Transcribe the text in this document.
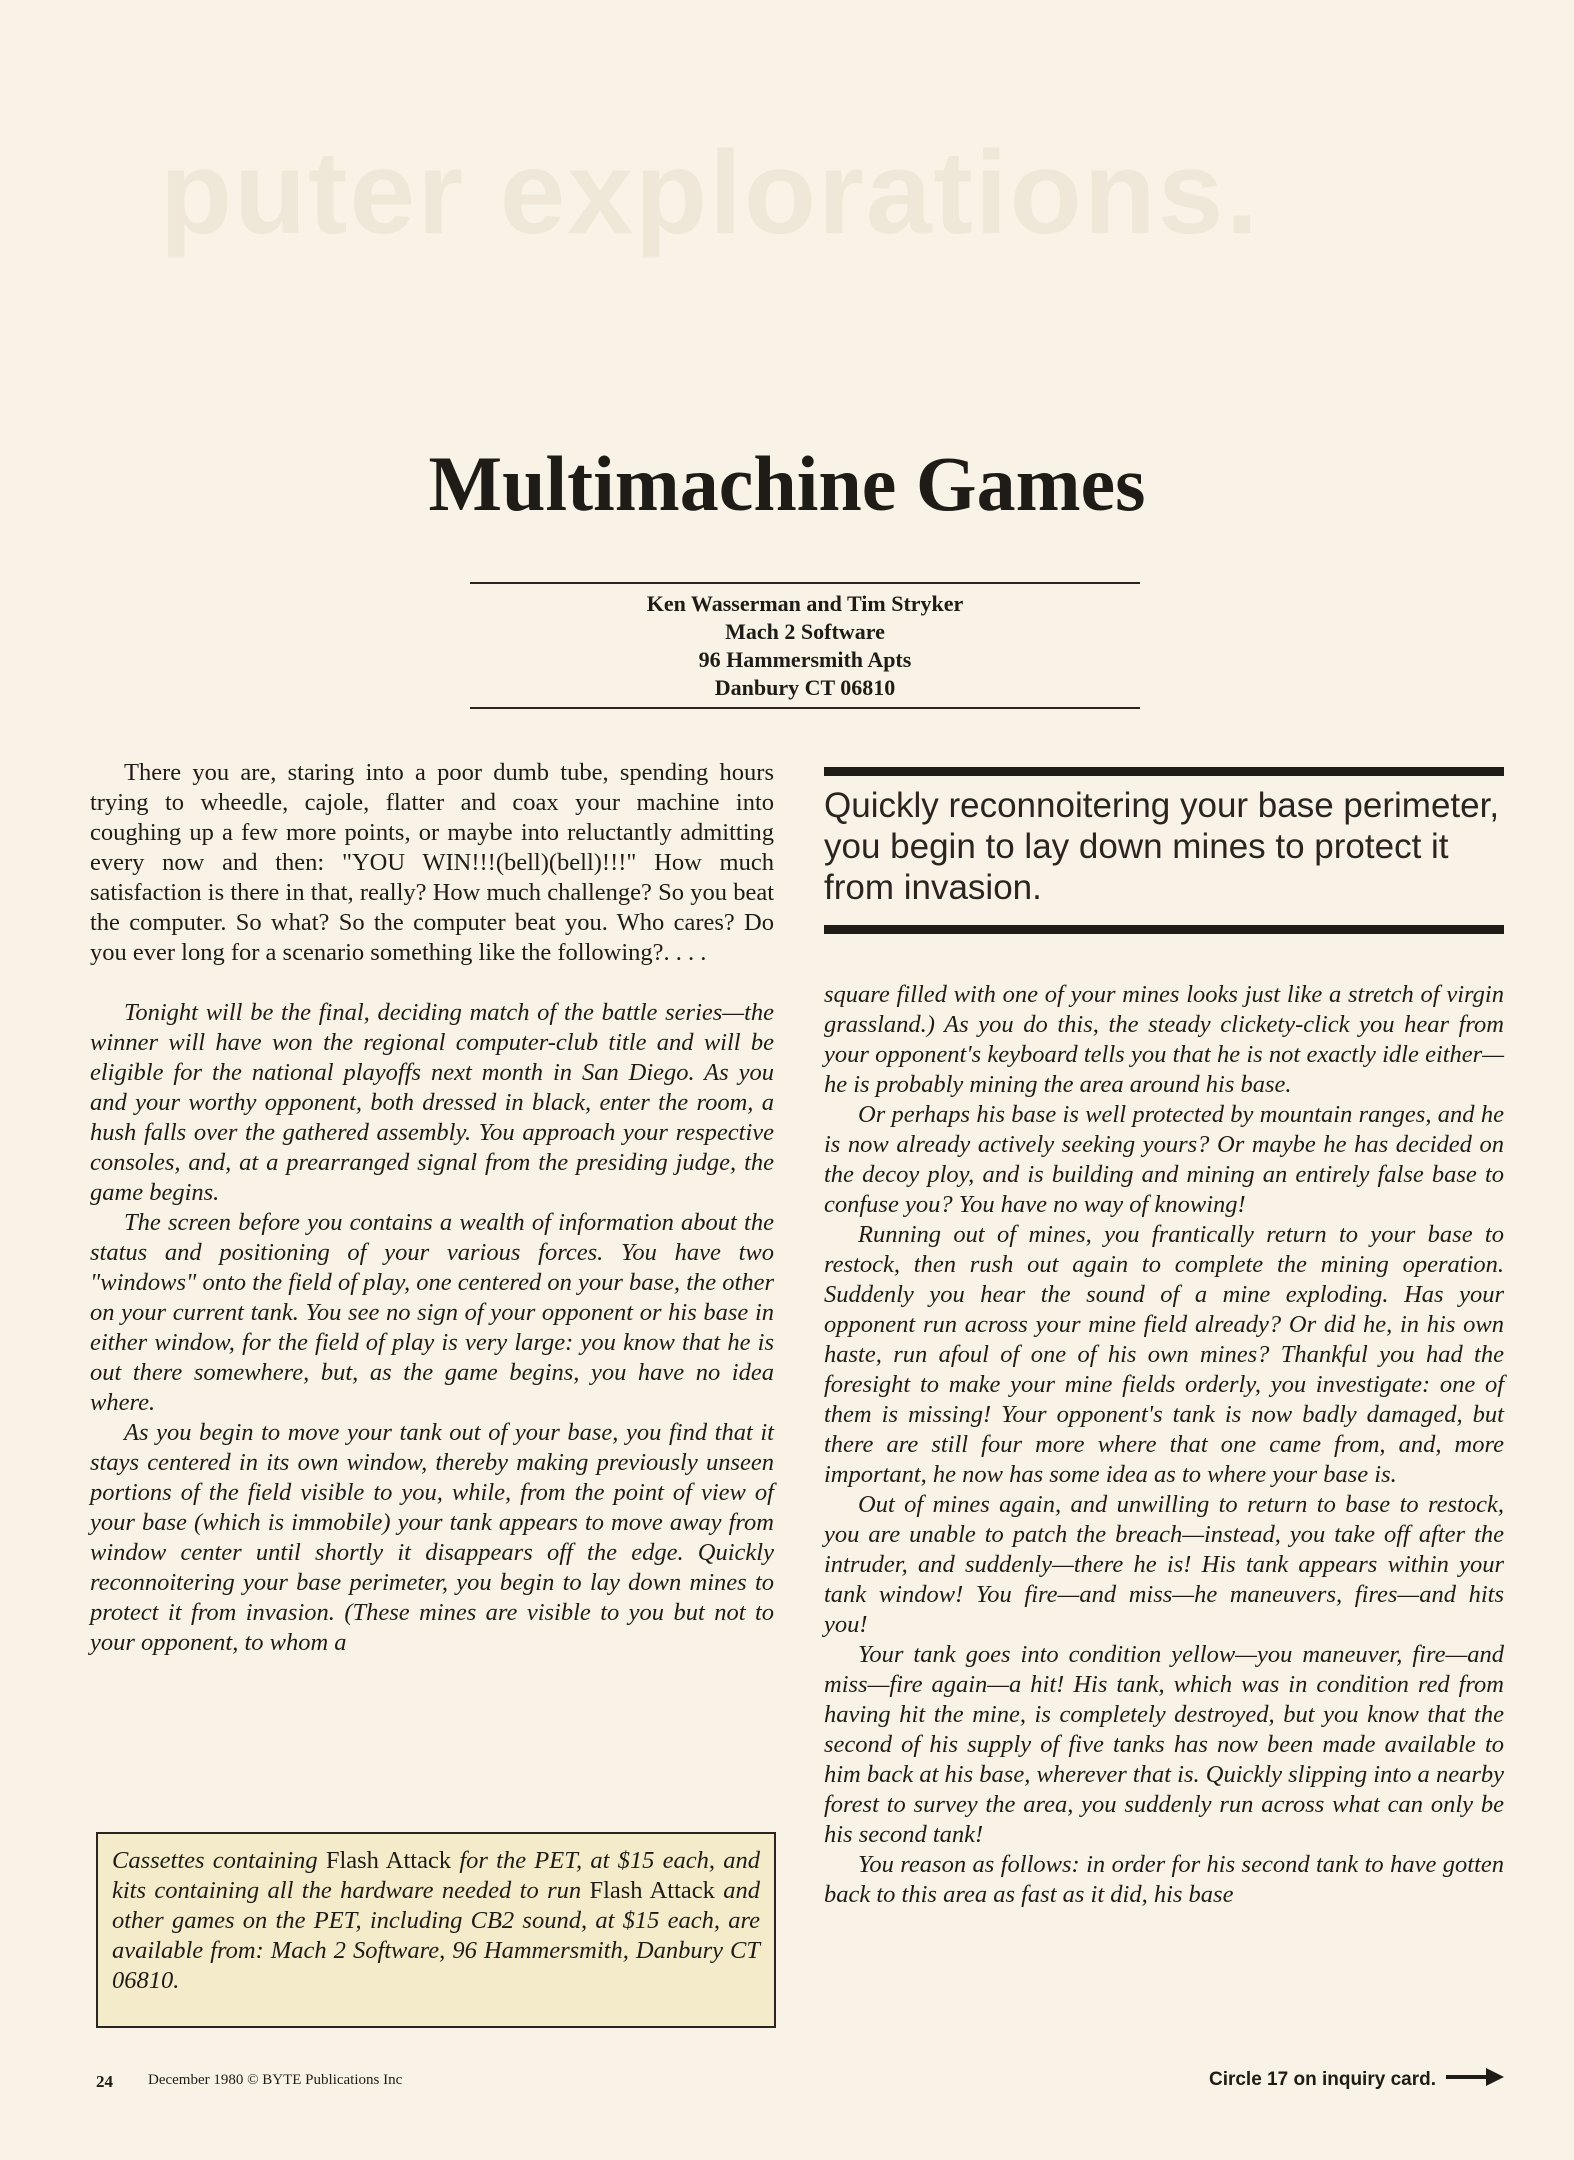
puter explorations.
Multimachine Games
Ken Wasserman and Tim Stryker
Mach 2 Software
96 Hammersmith Apts
Danbury CT 06810

There you are, staring into a poor dumb tube, spending hours trying to wheedle, cajole, flatter and coax your machine into coughing up a few more points, or maybe into reluctantly admitting every now and then: "YOU WIN!!!(bell)(bell)!!!" How much satisfaction is there in that, really? How much challenge? So you beat the computer. So what? So the computer beat you. Who cares? Do you ever long for a scenario something like the following?. . . .

Tonight will be the final, deciding match of the battle series—the winner will have won the regional computer-club title and will be eligible for the national playoffs next month in San Diego. As you and your worthy opponent, both dressed in black, enter the room, a hush falls over the gathered assembly. You approach your respective consoles, and, at a prearranged signal from the presiding judge, the game begins.

The screen before you contains a wealth of information about the status and positioning of your various forces. You have two "windows" onto the field of play, one centered on your base, the other on your current tank. You see no sign of your opponent or his base in either window, for the field of play is very large: you know that he is out there somewhere, but, as the game begins, you have no idea where.

As you begin to move your tank out of your base, you find that it stays centered in its own window, thereby making previously unseen portions of the field visible to you, while, from the point of view of your base (which is immobile) your tank appears to move away from window center until shortly it disappears off the edge. Quickly reconnoitering your base perimeter, you begin to lay down mines to protect it from invasion. (These mines are visible to you but not to your opponent, to whom a

Quickly reconnoitering your base perimeter, you begin to lay down mines to protect it from invasion.

square filled with one of your mines looks just like a stretch of virgin grassland.) As you do this, the steady clickety-click you hear from your opponent's keyboard tells you that he is not exactly idle either—he is probably mining the area around his base.

Or perhaps his base is well protected by mountain ranges, and he is now already actively seeking yours? Or maybe he has decided on the decoy ploy, and is building and mining an entirely false base to confuse you? You have no way of knowing!

Running out of mines, you frantically return to your base to restock, then rush out again to complete the mining operation. Suddenly you hear the sound of a mine exploding. Has your opponent run across your mine field already? Or did he, in his own haste, run afoul of one of his own mines? Thankful you had the foresight to make your mine fields orderly, you investigate: one of them is missing! Your opponent's tank is now badly damaged, but there are still four more where that one came from, and, more important, he now has some idea as to where your base is.

Out of mines again, and unwilling to return to base to restock, you are unable to patch the breach—instead, you take off after the intruder, and suddenly—there he is! His tank appears within your tank window! You fire—and miss—he maneuvers, fires—and hits you!

Your tank goes into condition yellow—you maneuver, fire—and miss—fire again—a hit! His tank, which was in condition red from having hit the mine, is completely destroyed, but you know that the second of his supply of five tanks has now been made available to him back at his base, wherever that is. Quickly slipping into a nearby forest to survey the area, you suddenly run across what can only be his second tank!

You reason as follows: in order for his second tank to have gotten back to this area as fast as it did, his base

Cassettes containing Flash Attack for the PET, at $15 each, and kits containing all the hardware needed to run Flash Attack and other games on the PET, including CB2 sound, at $15 each, are available from: Mach 2 Software, 96 Hammersmith, Danbury CT 06810.
24 December 1980 © BYTE Publications Inc	Circle 17 on inquiry card.
